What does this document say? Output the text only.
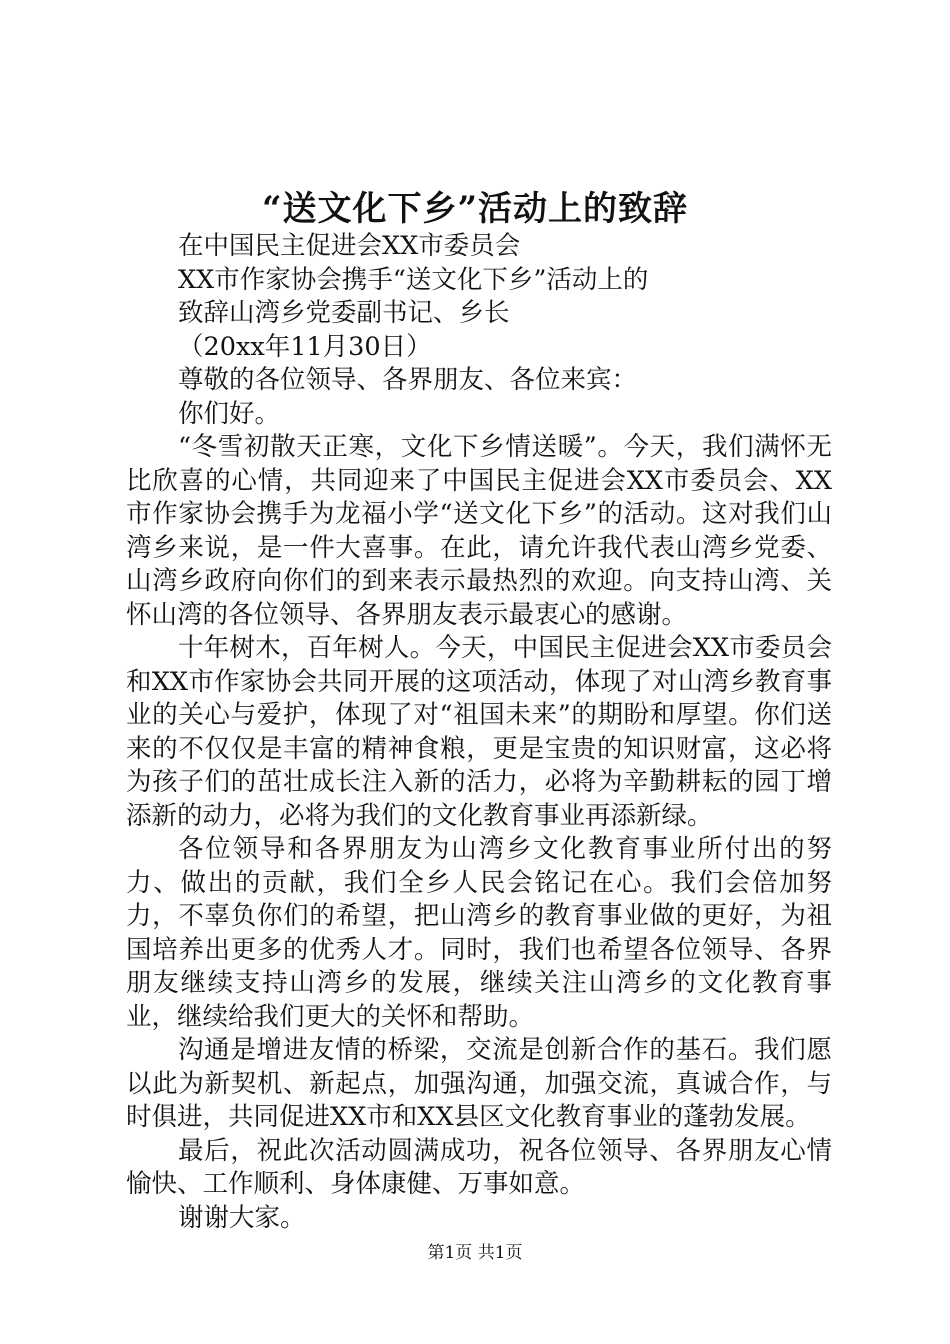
“送文化下乡”活动上的致辞

在中国民主促进会XX市委员会

XX市作家协会携手“送文化下乡”活动上的

致辞山湾乡党委副书记、乡长

（20xx年11月30日）

尊敬的各位领导、各界朋友、各位来宾：

你们好。

“冬雪初散天正寒，文化下乡情送暖”。今天，我们满怀无比欣喜的心情，共同迎来了中国民主促进会XX市委员会、XX市作家协会携手为龙福小学“送文化下乡”的活动。这对我们山湾乡来说，是一件大喜事。在此，请允许我代表山湾乡党委、山湾乡政府向你们的到来表示最热烈的欢迎。向支持山湾、关怀山湾的各位领导、各界朋友表示最衷心的感谢。

十年树木，百年树人。今天，中国民主促进会XX市委员会和XX市作家协会共同开展的这项活动，体现了对山湾乡教育事业的关心与爱护，体现了对“祖国未来”的期盼和厚望。你们送来的不仅仅是丰富的精神食粮，更是宝贵的知识财富，这必将为孩子们的茁壮成长注入新的活力，必将为辛勤耕耘的园丁增添新的动力，必将为我们的文化教育事业再添新绿。

各位领导和各界朋友为山湾乡文化教育事业所付出的努力、做出的贡献，我们全乡人民会铭记在心。我们会倍加努力，不辜负你们的希望，把山湾乡的教育事业做的更好，为祖国培养出更多的优秀人才。同时，我们也希望各位领导、各界朋友继续支持山湾乡的发展，继续关注山湾乡的文化教育事业，继续给我们更大的关怀和帮助。

沟通是增进友情的桥梁，交流是创新合作的基石。我们愿以此为新契机、新起点，加强沟通，加强交流，真诚合作，与时俱进，共同促进XX市和XX县区文化教育事业的蓬勃发展。

最后，祝此次活动圆满成功，祝各位领导、各界朋友心情愉快、工作顺利、身体康健、万事如意。

谢谢大家。

第1页 共1页
